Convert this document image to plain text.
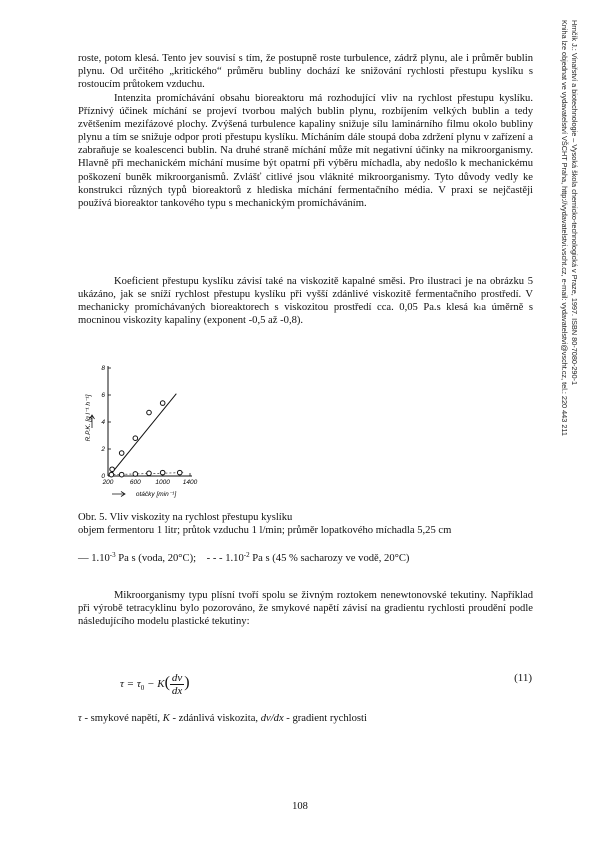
Hrnčík J.: Vinařství a biotechnologie – Vysoká škola chemicko-technologická v Praze, 1997. ISBN 80-7080-290-1
Kniha lze objednat ve vydavatelství VŠCHT Praha, http://vydavatelstvi.vscht.cz, e-mail: vydavatelstvi@vscht.cz, tel.: 220 443 211

roste, potom klesá. Tento jev souvisí s tím, že postupně roste turbulence, zádrž plynu, ale i průměr bublin plynu. Od určitého „kritického“ průměru bubliny dochází ke snižování rychlosti přestupu kyslíku s rostoucím průtokem vzduchu.

Intenzita promíchávání obsahu bioreaktoru má rozhodující vliv na rychlost přestupu kyslíku. Příznivý účinek míchání se projeví tvorbou malých bublin plynu, rozbíjením velkých bublin a tedy zvětšením mezifázové plochy. Zvýšená turbulence kapaliny snižuje sílu laminárního filmu okolo bubliny plynu a tím se snižuje odpor proti přestupu kyslíku. Mícháním dále stoupá doba zdržení plynu v zařízení a zabraňuje se koalescenci bublin. Na druhé straně míchání může mít negativní účinky na mikroorganismy. Hlavně při mechanickém míchání musíme být opatrní při výběru míchadla, aby nedošlo k mechanickému poškození buněk mikroorganismů. Zvlášť citlivé jsou vláknité mikroorganismy. Tyto důvody vedly ke konstrukci různých typů bioreaktorů z hlediska míchání fermentačního média. V praxi se nejčastěji používá bioreaktor tankového typu s mechanickým promícháváním.

Koeficient přestupu kyslíku závisí také na viskozitě kapalné směsi. Pro ilustraci je na obrázku 5 ukázáno, jak se sníží rychlost přestupu kyslíku při vyšší zdánlivé viskozitě fermentačního prostředí. V mechanicky promíchávaných bioreaktorech s viskozitou prostředí cca. 0,05 Pa.s klesá kₗa úměrně s mocninou viskozity kapaliny (exponent -0,5 až -0,8).

0
2
4
6
8
200	600 1000 1400
R.P.K. [g l⁻¹ h⁻¹]
otáčky [min⁻¹]

Obr. 5. Vliv viskozity na rychlost přestupu kyslíku

objem fermentoru 1 litr; průtok vzduchu 1 l/min; průměr lopatkového míchadla 5,25 cm

— $1.10^{-3}$ Pa s (voda, 20°C); - - - $1.10^{-2}$ Pa s (45 % sacharozy ve vodě, 20°C)

Mikroorganismy typu plísní tvoří spolu se živným roztokem nenewtonovské tekutiny. Například při výrobě tetracyklinu bylo pozorováno, že smykové napětí závisí na gradientu rychlosti proudění podle následujícího modelu plastické tekutiny:

$\tau = \tau_0 - K( \frac{dv}{dx}$ )	(11)

τ - smykové napětí, K - zdánlivá viskozita, dv/dx - gradient rychlosti

108
